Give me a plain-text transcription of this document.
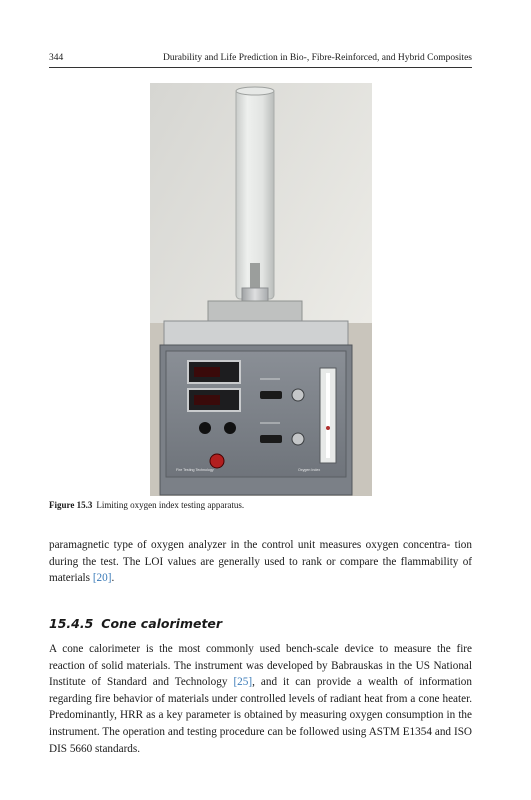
344	Durability and Life Prediction in Bio-, Fibre-Reinforced, and Hybrid Composites
Fire Testing Technology	Oxygen Index
Figure 15.3 Limiting oxygen index testing apparatus.

paramagnetic type of oxygen analyzer in the control unit measures oxygen concentra- tion during the test. The LOI values are generally used to rank or compare the flammability of materials [20].

15.4.5 Cone calorimeter

A cone calorimeter is the most commonly used bench-scale device to measure the fire reaction of solid materials. The instrument was developed by Babrauskas in the US National Institute of Standard and Technology [25], and it can provide a wealth of information regarding fire behavior of materials under controlled levels of radiant heat from a cone heater. Predominantly, HRR as a key parameter is obtained by measuring oxygen consumption in the instrument. The operation and testing procedure can be followed using ASTM E1354 and ISO DIS 5660 standards.
